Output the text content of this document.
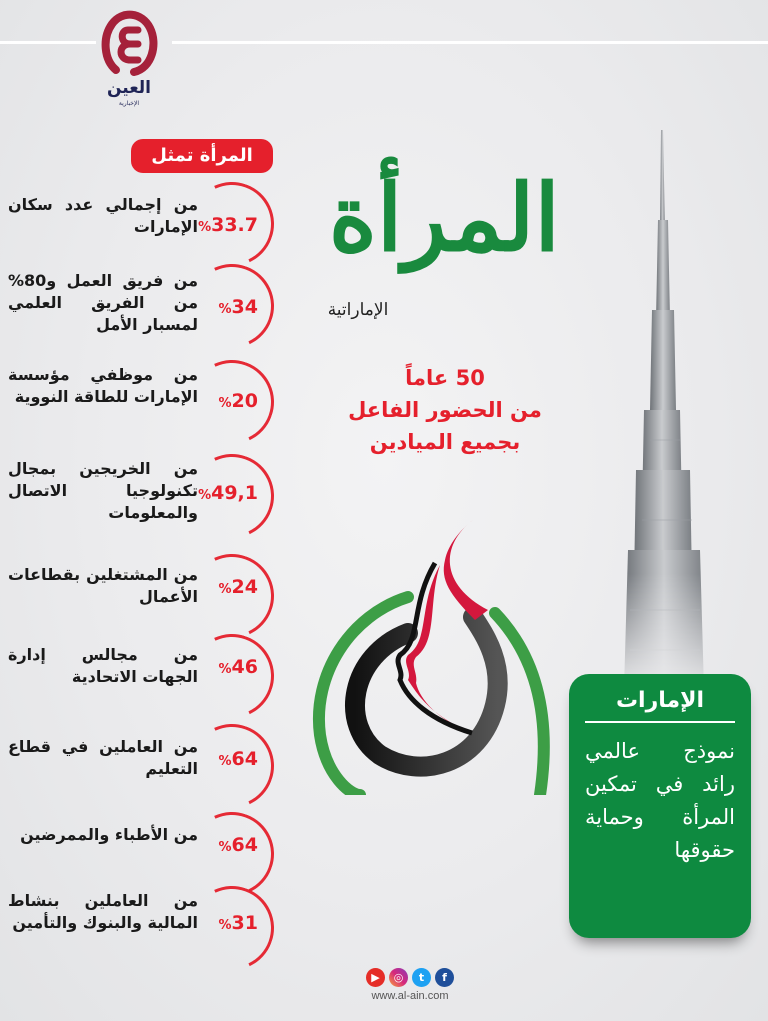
العين
الإخبارية
المرأة تمثل
%33.7
من إجمالي عدد سكان الإمارات
%34
من فريق العمل و80% من الفريق العلمي لمسبار الأمل
%20
من موظفي مؤسسة الإمارات للطاقة النووية
%49,1
من الخريجين بمجال تكنولوجيا الاتصال والمعلومات
%24
من المشتغلين بقطاعات الأعمال
%46
من مجالس إدارة الجهات الاتحادية
%64
من العاملين في قطاع التعليم
%64
من الأطباء والممرضين
%31
من العاملين بنشاط المالية والبنوك والتأمين
المرأة
الإماراتية
50 عاماً
من الحضور الفاعل
بجميع الميادين
الإمارات
نموذج عالمي رائد في تمكين المرأة وحماية حقوقها
▶	◎	t	f
www.al-ain.com
